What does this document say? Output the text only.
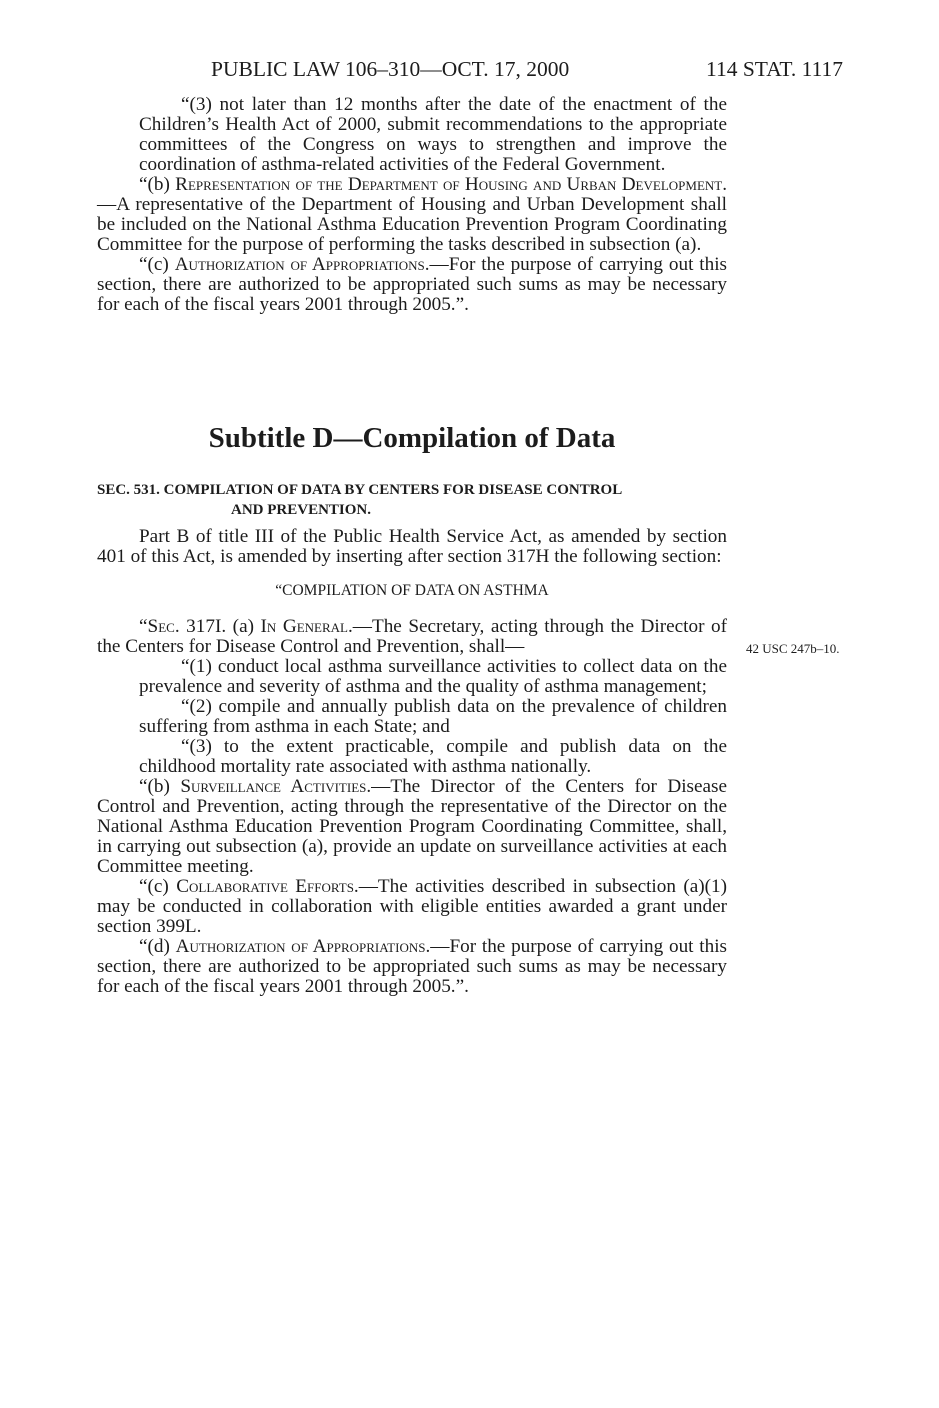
PUBLIC LAW 106–310—OCT. 17, 2000	114 STAT. 1117

“(3) not later than 12 months after the date of the enactment of the Children’s Health Act of 2000, submit recommendations to the appropriate committees of the Congress on ways to strengthen and improve the coordination of asthma-related activities of the Federal Government.

“(b) Representation of the Department of Housing and Urban Development.—A representative of the Department of Housing and Urban Development shall be included on the National Asthma Education Prevention Program Coordinating Committee for the purpose of performing the tasks described in subsection (a).

“(c) Authorization of Appropriations.—For the purpose of carrying out this section, there are authorized to be appropriated such sums as may be necessary for each of the fiscal years 2001 through 2005.”.

Subtitle D—Compilation of Data
SEC. 531. COMPILATION OF DATA BY CENTERS FOR DISEASE CONTROL
AND PREVENTION.

Part B of title III of the Public Health Service Act, as amended by section 401 of this Act, is amended by inserting after section 317H the following section:

“COMPILATION OF DATA ON ASTHMA

“Sec. 317I. (a) In General.—The Secretary, acting through the Director of the Centers for Disease Control and Prevention, shall—

“(1) conduct local asthma surveillance activities to collect data on the prevalence and severity of asthma and the quality of asthma management;

“(2) compile and annually publish data on the prevalence of children suffering from asthma in each State; and

“(3) to the extent practicable, compile and publish data on the childhood mortality rate associated with asthma nationally.

“(b) Surveillance Activities.—The Director of the Centers for Disease Control and Prevention, acting through the representative of the Director on the National Asthma Education Prevention Program Coordinating Committee, shall, in carrying out subsection (a), provide an update on surveillance activities at each Committee meeting.

“(c) Collaborative Efforts.—The activities described in subsection (a)(1) may be conducted in collaboration with eligible entities awarded a grant under section 399L.

“(d) Authorization of Appropriations.—For the purpose of carrying out this section, there are authorized to be appropriated such sums as may be necessary for each of the fiscal years 2001 through 2005.”.

42 USC 247b–10.
